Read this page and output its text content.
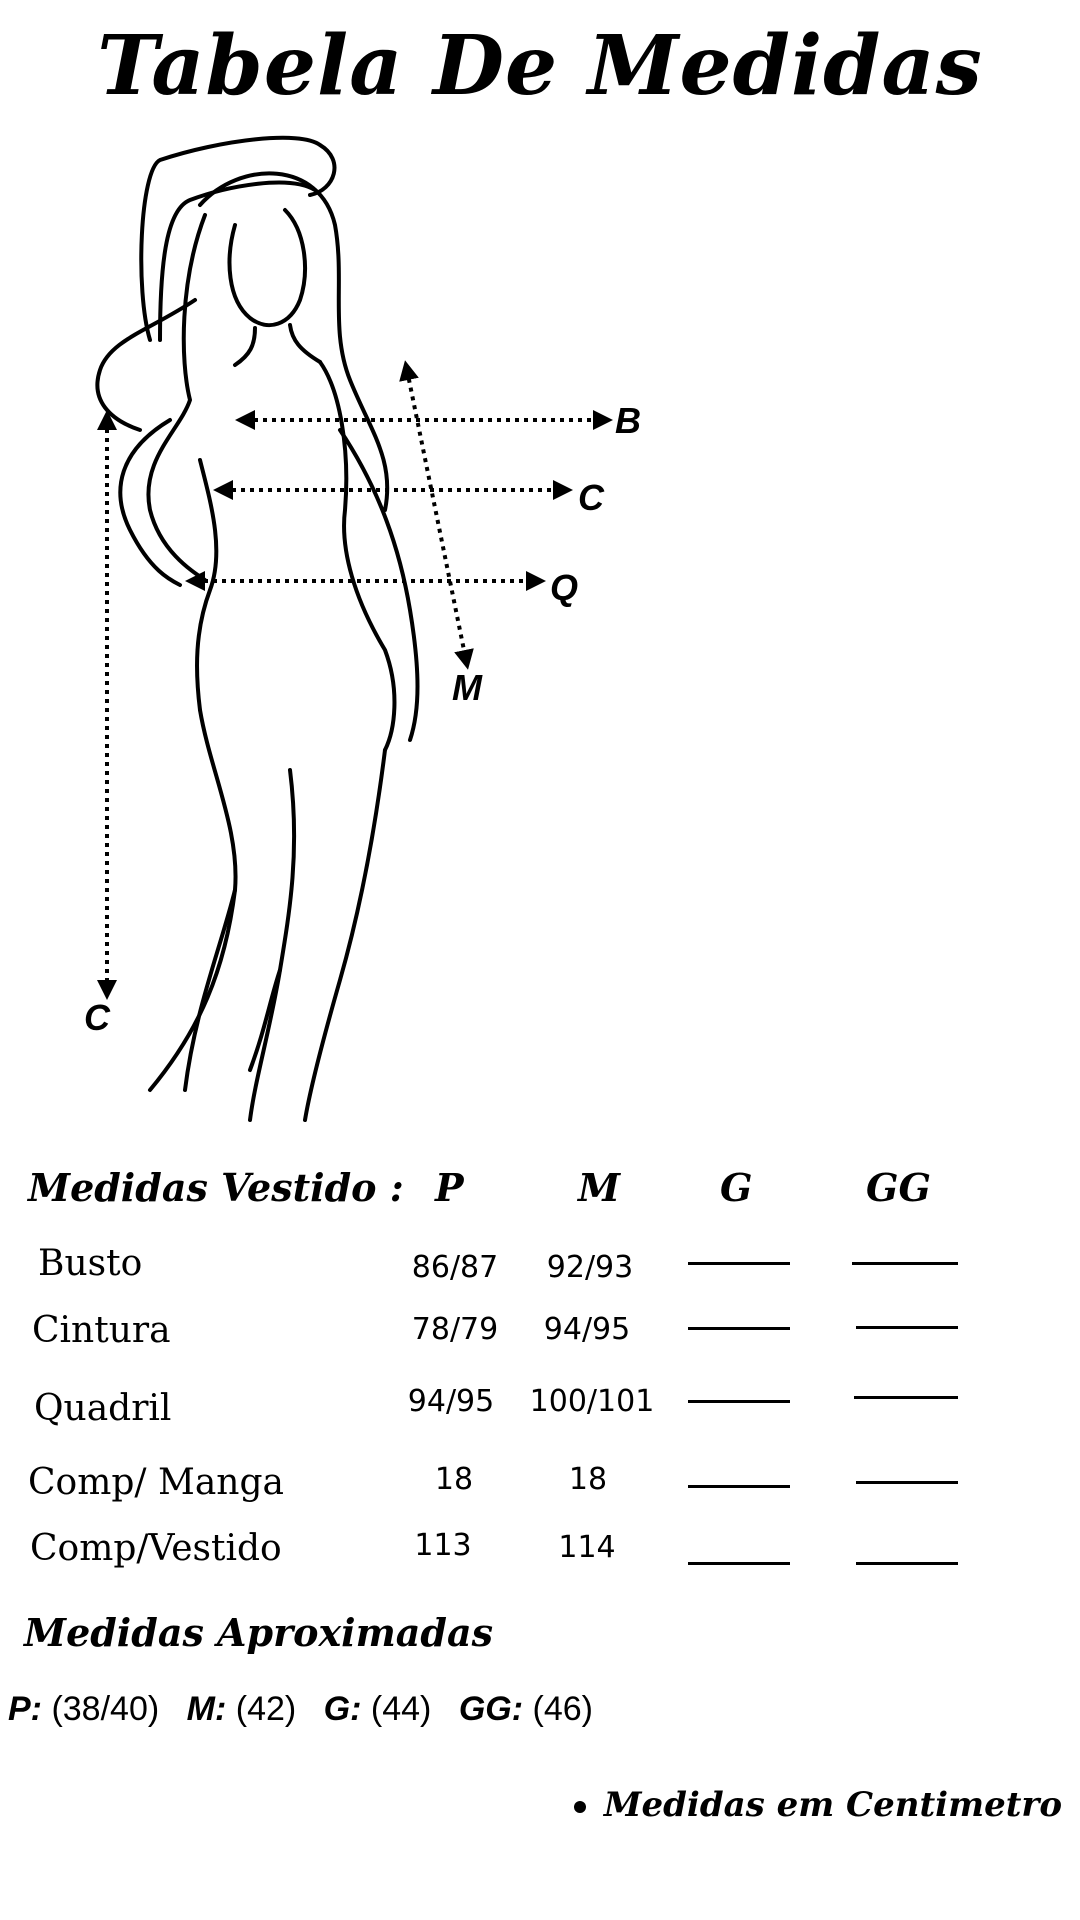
Tabela De Medidas
B
C
Q
M
C
Medidas Vestido : P	M	G	GG
Busto	86/87	92/93
Cintura	78/79	94/95
Quadril	94/95	100/101
Comp/ Manga	18	18
Comp/Vestido	113	114
Medidas Aproximadas
P: (38/40) M: (42) G: (44) GG: (46)
Medidas em Centimetro
